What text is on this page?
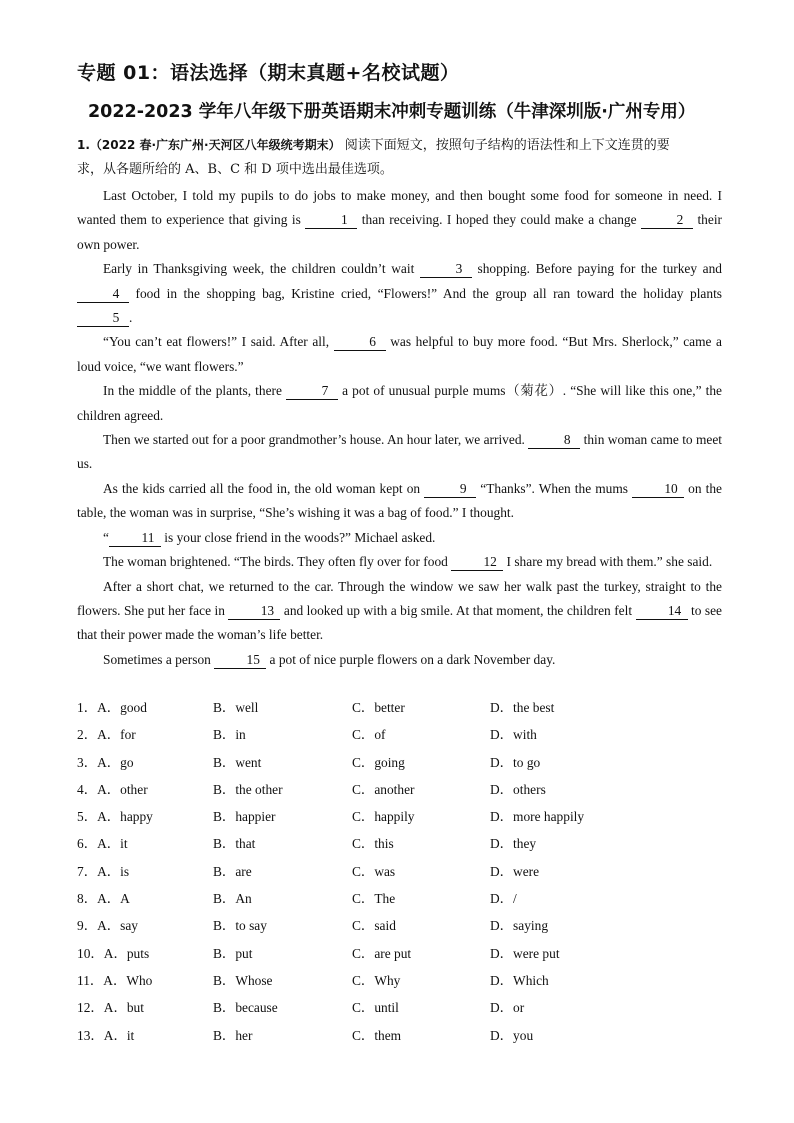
专题 01：语法选择（期末真题+名校试题）
2022-2023 学年八年级下册英语期末冲刺专题训练（牛津深圳版·广州专用）
1.（2022 春·广东广州·天河区八年级统考期末） 阅读下面短文，按照句子结构的语法性和上下文连贯的要
求，从各题所给的 A、B、C 和 D 项中选出最佳选项。

Last October, I told my pupils to do jobs to make money, and then bought some food for someone in need. I wanted them to experience that giving is	1 than receiving. I hoped they could make a change	2 their own power.

Early in Thanksgiving week, the children couldn’t wait	3 shopping. Before paying for the turkey and 4 food in the shopping bag, Kristine cried, “Flowers!” And the group all ran toward the holiday plants 5 .

“You can’t eat flowers!” I said. After all,	6 was helpful to buy more food. “But Mrs. Sherlock,” came a loud voice, “we want flowers.”

In the middle of the plants, there	7 a pot of unusual purple mums（菊花）. “She will like this one,” the children agreed.

Then we started out for a poor grandmother’s house. An hour later, we arrived.	8 thin woman came to meet us.

As the kids carried all the food in, the old woman kept on	9 “Thanks”. When the mums 10 on the table, the woman was in surprise, “She’s wishing it was a bag of food.” I thought.

“ 11 is your close friend in the woods?” Michael asked.

The woman brightened. “The birds. They often fly over for food 12 I share my bread with them.” she said.

After a short chat, we returned to the car. Through the window we saw her walk past the turkey, straight to the flowers. She put her face in 13 and looked up with a big smile. At that moment, the children felt 14 to see that their power made the woman’s life better.

Sometimes a person 15 a pot of nice purple flowers on a dark November day.

1．A．good	B．well	C．better	D．the best
2．A．for	B．in	C．of	D．with
3．A．go	B．went	C．going	D．to go
4．A．other	B．the other	C．another	D．others
5．A．happy	B．happier	C．happily	D．more happily
6．A．it	B．that	C．this	D．they
7．A．is	B．are	C．was	D．were
8．A．A	B．An	C．The	D．/
9．A．say	B．to say	C．said	D．saying
10．A．puts	B．put	C．are put	D．were put
11．A．Who	B．Whose	C．Why	D．Which
12．A．but	B．because	C．until	D．or
13．A．it	B．her	C．them	D．you
